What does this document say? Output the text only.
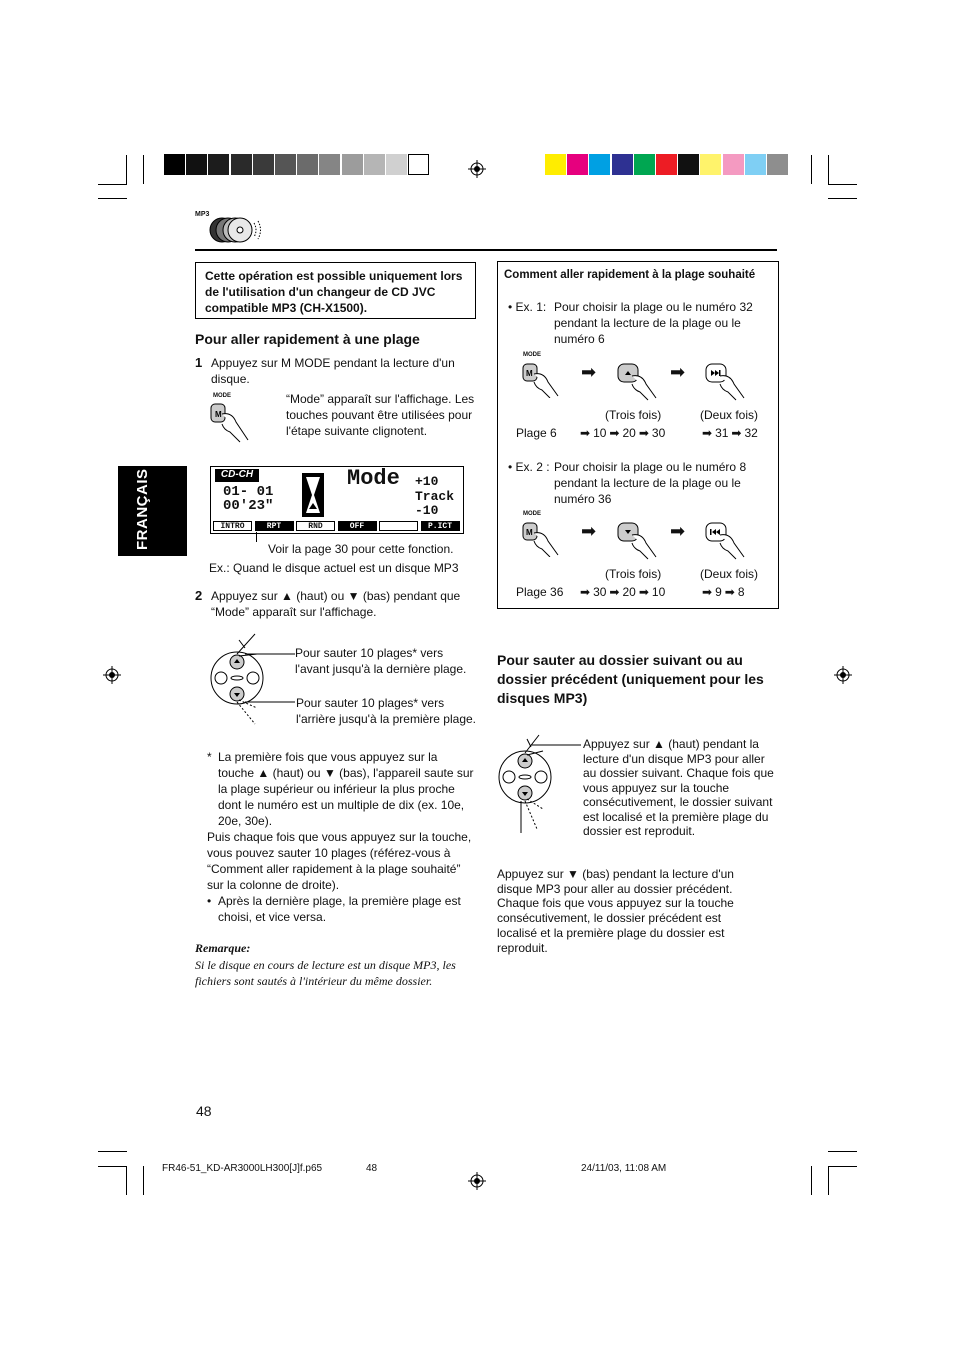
MP3
FRANÇAIS
Cette opération est possible uniquement lors de l'utilisation d'un changeur de CD JVC compatible MP3 (CH-X1500).
Pour aller rapidement à une plage
1 Appuyez sur M MODE pendant la lecture d'un disque.
MODE
M
“Mode” apparaît sur l'affichage. Les touches pouvant être utilisées pour l'étape suivante clignotent.
CD-CH
01- 01
00'23"
Mode +10
Track
-10
INTRO	RPT	RND	OFF	P.ICT
Voir la page 30 pour cette fonction.
Ex.: Quand le disque actuel est un disque MP3
2 Appuyez sur ▲ (haut) ou ▼ (bas) pendant que “Mode” apparaît sur l'affichage.
Pour sauter 10 plages* vers l'avant jusqu'à la dernière plage.
Pour sauter 10 plages* vers l'arrière jusqu'à la première plage.
* La première fois que vous appuyez sur la touche ▲ (haut) ou ▼ (bas), l'appareil saute sur la plage supérieur ou inférieur la plus proche dont le numéro est un multiple de dix (ex. 10e, 20e, 30e).
Puis chaque fois que vous appuyez sur la touche, vous pouvez sauter 10 plages (référez-vous à “Comment aller rapidement à la plage souhaité” sur la colonne de droite).
• Après la dernière plage, la première plage est choisi, et vice versa.
Remarque:
Si le disque en cours de lecture est un disque MP3, les fichiers sont sautés à l'intérieur du même dossier.
Comment aller rapidement à la plage souhaité
• Ex. 1: Pour choisir la plage ou le numéro 32 pendant la lecture de la plage ou le numéro 6
MODE
M	➡	➡
(Trois fois)	(Deux fois)
Plage 6 ➡ 10 ➡ 20 ➡ 30	➡ 31 ➡ 32
• Ex. 2 : Pour choisir la plage ou le numéro 8 pendant la lecture de la plage ou le numéro 36
MODE
M	➡	➡
(Trois fois)	(Deux fois)
Plage 36 ➡ 30 ➡ 20 ➡ 10	➡ 9 ➡ 8
Pour sauter au dossier suivant ou au dossier précédent (uniquement pour les disques MP3)
Appuyez sur ▲ (haut) pendant la lecture d'un disque MP3 pour aller au dossier suivant. Chaque fois que vous appuyez sur la touche consécutivement, le dossier suivant est localisé et la première plage du dossier est reproduit.
Appuyez sur ▼ (bas) pendant la lecture d'un disque MP3 pour aller au dossier précédent. Chaque fois que vous appuyez sur la touche consécutivement, le dossier précédent est localisé et la première plage du dossier est reproduit.
48
FR46-51_KD-AR3000LH300[J]f.p65	48	24/11/03, 11:08 AM
